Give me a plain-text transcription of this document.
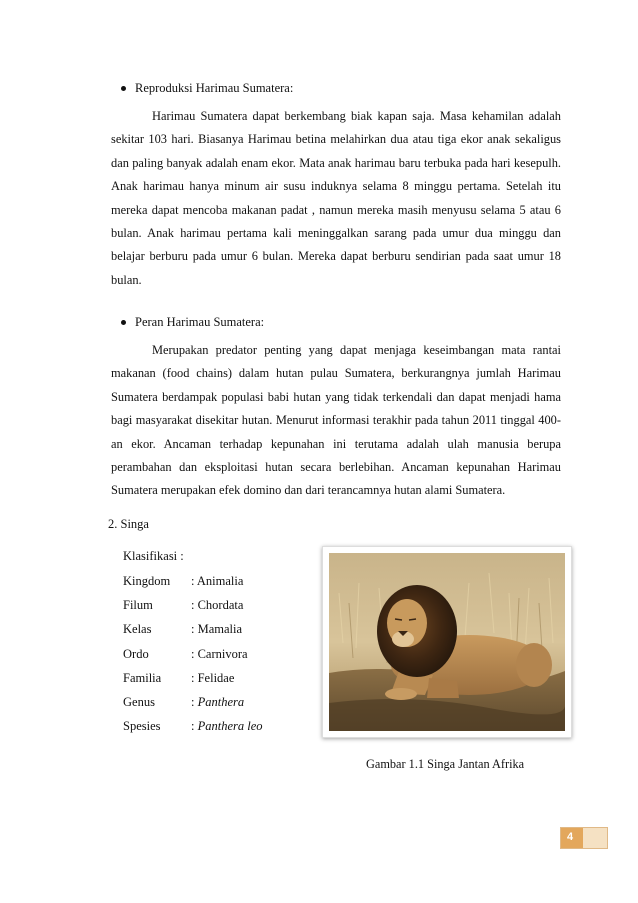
Reproduksi Harimau Sumatera:

Harimau Sumatera dapat berkembang biak kapan saja. Masa kehamilan adalah sekitar 103 hari. Biasanya Harimau betina melahirkan dua atau tiga ekor anak sekaligus dan paling banyak adalah enam ekor. Mata anak harimau baru terbuka pada hari kesepulh. Anak harimau hanya minum air susu induknya selama 8 minggu pertama. Setelah itu mereka dapat mencoba makanan padat , namun mereka masih menyusu selama 5 atau 6 bulan. Anak harimau pertama kali meninggalkan sarang pada umur dua minggu dan belajar berburu pada umur 6 bulan. Mereka dapat berburu sendirian pada saat umur 18 bulan.

Peran Harimau Sumatera:

Merupakan predator penting yang dapat menjaga keseimbangan mata rantai makanan (food chains) dalam hutan pulau Sumatera, berkurangnya jumlah Harimau Sumatera berdampak populasi babi hutan yang tidak terkendali dan dapat menjadi hama bagi masyarakat disekitar hutan. Menurut informasi terakhir pada tahun 2011 tinggal 400-an ekor. Ancaman terhadap kepunahan ini terutama adalah ulah manusia berupa perambahan dan eksploitasi hutan secara berlebihan. Ancaman kepunahan Harimau Sumatera merupakan efek domino dan dari terancamnya hutan alami Sumatera.

2. Singa
Klasifikasi :
Kingdom	: Animalia
Filum	: Chordata
Kelas	: Mamalia
Ordo	: Carnivora
Familia	: Felidae
Genus	: Panthera
Spesies	: Panthera leo
Gambar 1.1 Singa Jantan Afrika
4
